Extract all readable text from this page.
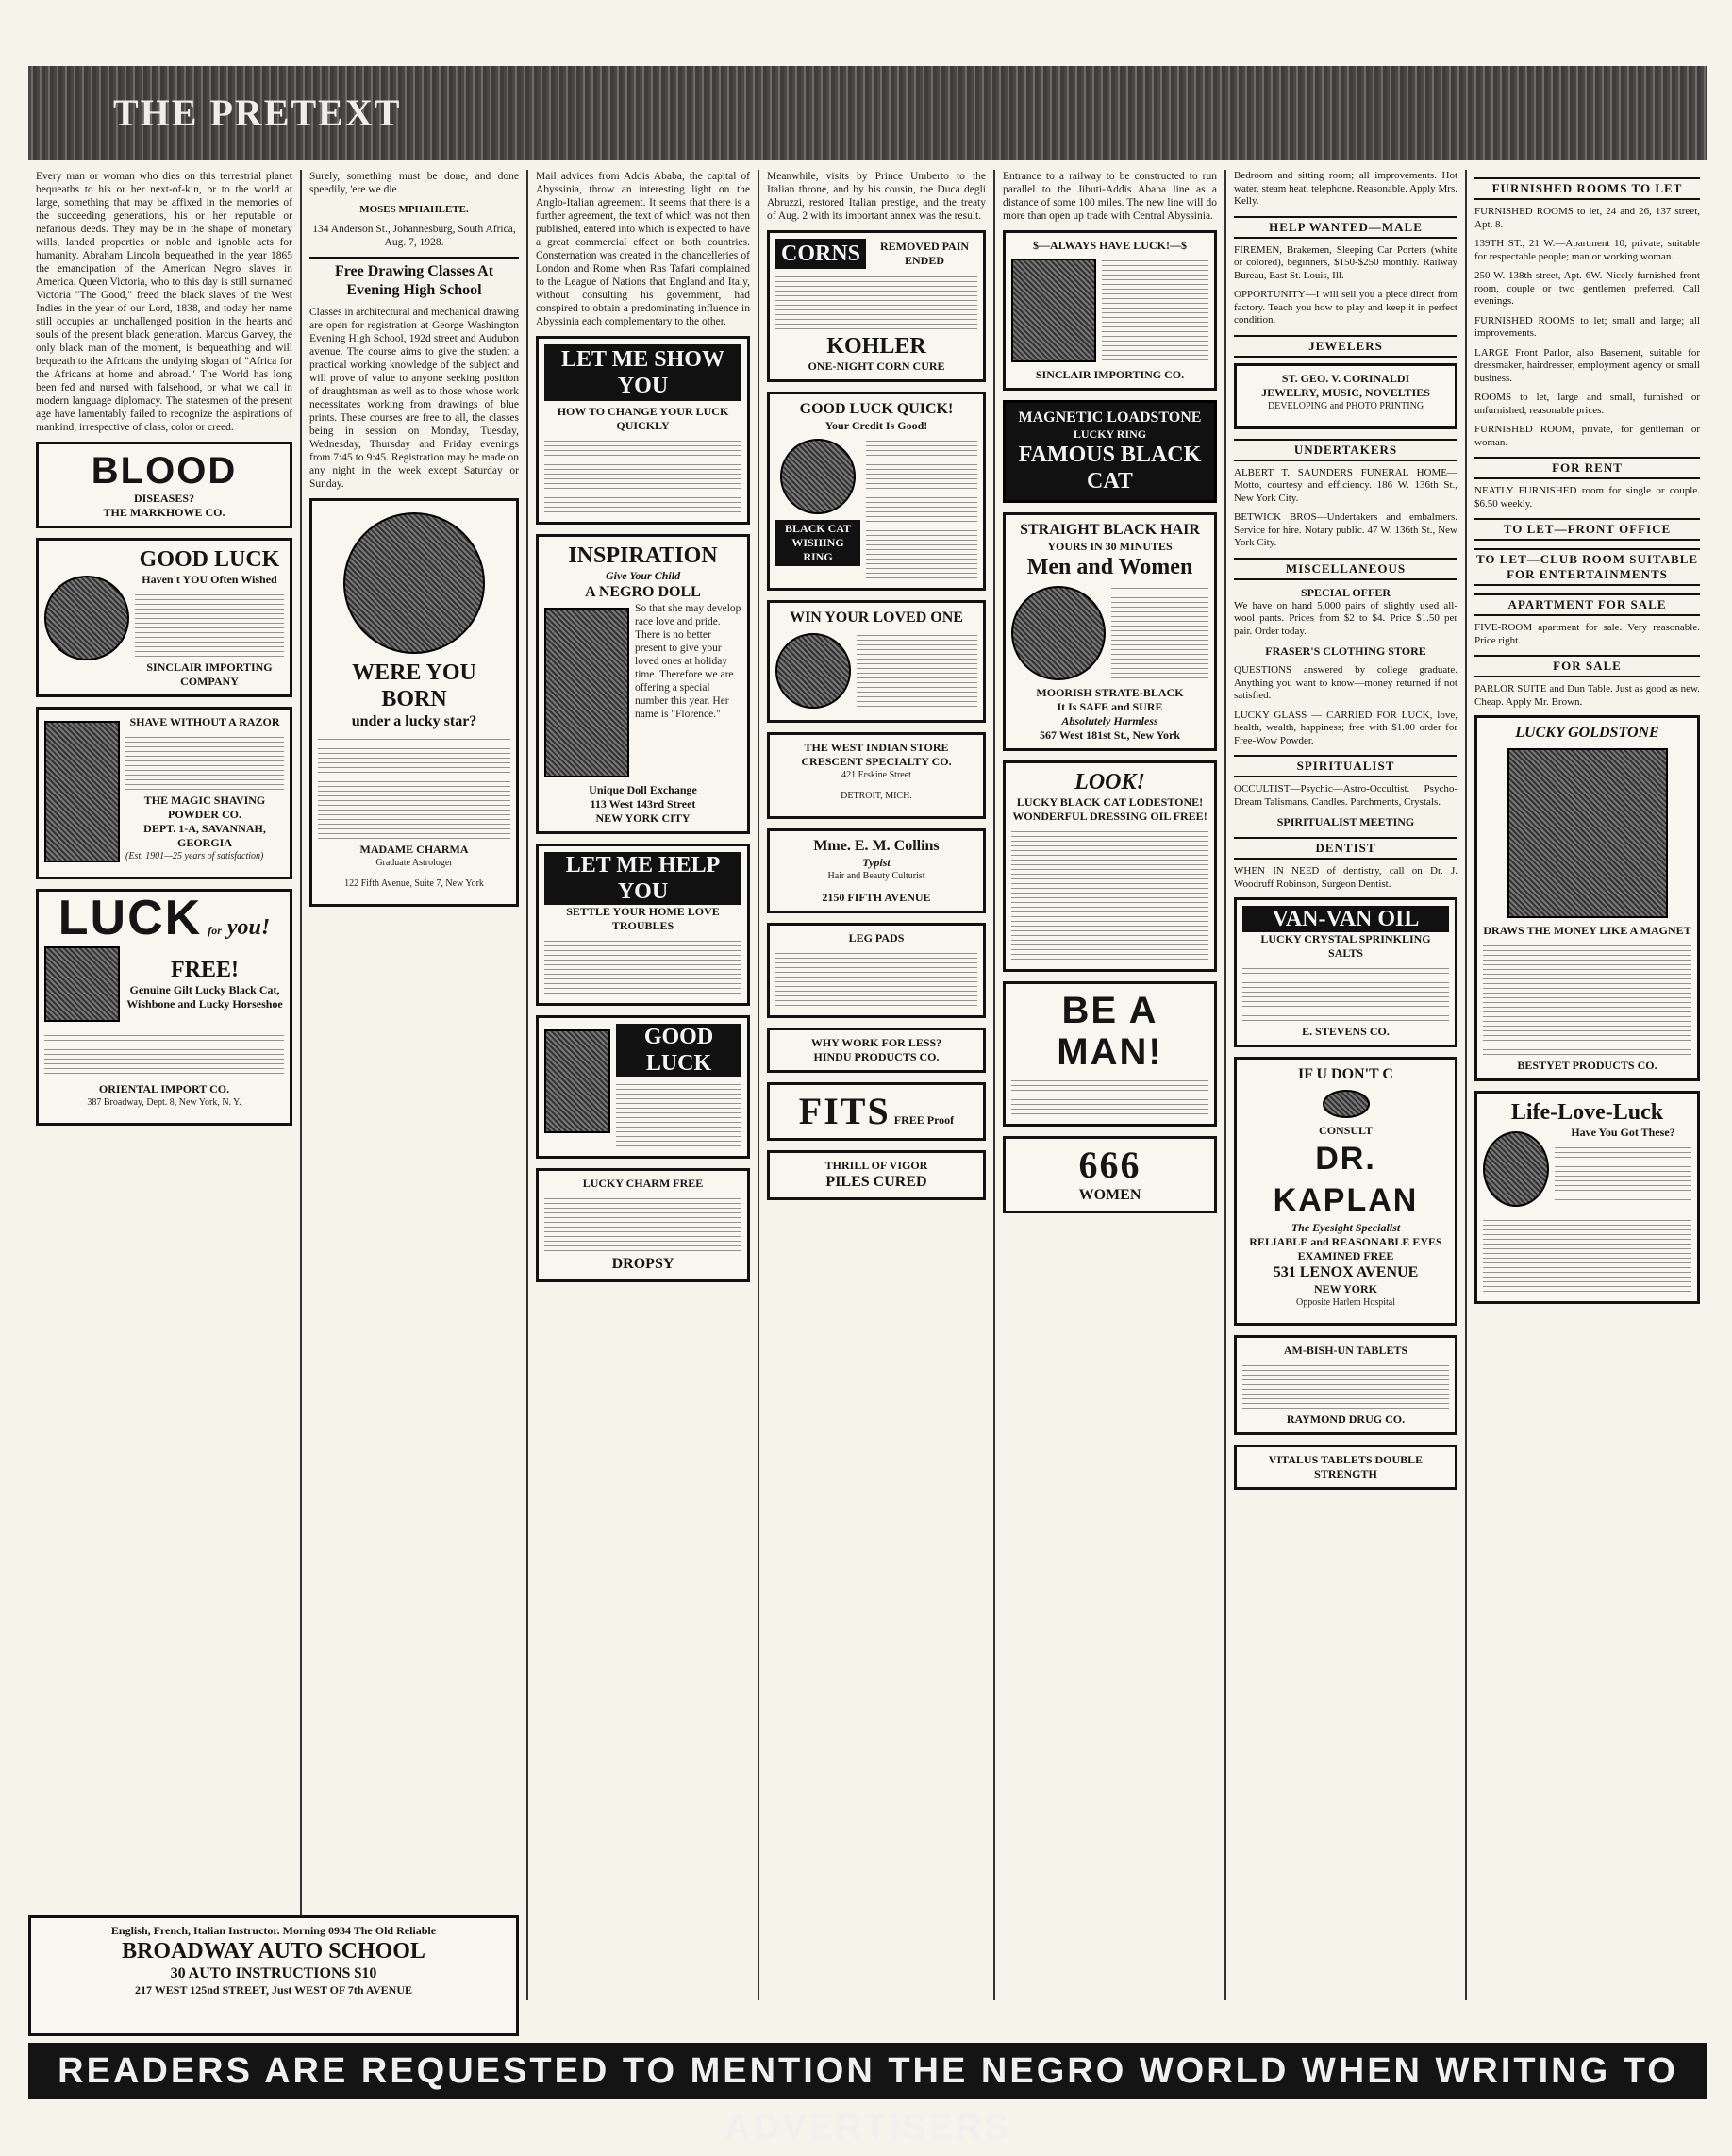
THE PRETEXT

Every man or woman who dies on this terrestrial planet bequeaths to his or her next-of-kin, or to the world at large, something that may be affixed in the memories of the succeeding generations, his or her reputable or nefarious deeds. They may be in the shape of monetary wills, landed properties or noble and ignoble acts for humanity. Abraham Lincoln bequeathed in the year 1865 the emancipation of the American Negro slaves in America. Queen Victoria, who to this day is still surnamed Victoria "The Good," freed the black slaves of the West Indies in the year of our Lord, 1838, and today her name still occupies an unchallenged position in the hearts and souls of the present black generation. Marcus Garvey, the only black man of the moment, is bequeathing and will bequeath to the Africans the undying slogan of "Africa for the Africans at home and abroad." The World has long been fed and nursed with falsehood, or what we call in modern language diplomacy. The statesmen of the present age have lamentably failed to recognize the aspirations of mankind, irrespective of class, color or creed.

BLOOD
DISEASES?
THE MARKHOWE CO.
GOOD LUCK
Haven't YOU Often Wished
SINCLAIR IMPORTING COMPANY
SHAVE WITHOUT A RAZOR
THE MAGIC SHAVING POWDER CO.
DEPT. 1-A, SAVANNAH, GEORGIA
(Est. 1901—25 years of satisfaction)
LUCK for you!
FREE!
Genuine Gilt Lucky Black Cat, Wishbone and Lucky Horseshoe
ORIENTAL IMPORT CO.
387 Broadway, Dept. 8, New York, N. Y.

Surely, something must be done, and done speedily, 'ere we die.

MOSES MPHAHLETE.

134 Anderson St., Johannesburg, South Africa, Aug. 7, 1928.

Free Drawing Classes At Evening High School

Classes in architectural and mechanical drawing are open for registration at George Washington Evening High School, 192d street and Audubon avenue. The course aims to give the student a practical working knowledge of the subject and will prove of value to anyone seeking position of draughtsman as well as to those whose work necessitates working from drawings of blue prints. These courses are free to all, the classes being in session on Monday, Tuesday, Wednesday, Thursday and Friday evenings from 7:45 to 9:45. Registration may be made on any night in the week except Saturday or Sunday.

WERE YOU BORN
under a lucky star?
MADAME CHARMA
Graduate Astrologer
122 Fifth Avenue, Suite 7, New York

Mail advices from Addis Ababa, the capital of Abyssinia, throw an interesting light on the Anglo-Italian agreement. It seems that there is a further agreement, the text of which was not then published, entered into which is expected to have a great commercial effect on both countries. Consternation was created in the chancelleries of London and Rome when Ras Tafari complained to the League of Nations that England and Italy, without consulting his government, had conspired to obtain a predominating influence in Abyssinia each complementary to the other.

LET ME SHOW YOU
HOW TO CHANGE YOUR LUCK QUICKLY
INSPIRATION
Give Your Child
A NEGRO DOLL

So that she may develop race love and pride. There is no better present to give your loved ones at holiday time. Therefore we are offering a special number this year. Her name is "Florence."

Unique Doll Exchange
113 West 143rd Street
NEW YORK CITY
LET ME HELP YOU
SETTLE YOUR HOME LOVE TROUBLES
GOOD LUCK
LUCKY CHARM FREE
DROPSY

Meanwhile, visits by Prince Umberto to the Italian throne, and by his cousin, the Duca degli Abruzzi, restored Italian prestige, and the treaty of Aug. 2 with its important annex was the result.

CORNS	REMOVED PAIN ENDED
KOHLER
ONE-NIGHT CORN CURE
GOOD LUCK QUICK!
Your Credit Is Good!
BLACK CAT WISHING RING
WIN YOUR LOVED ONE
THE WEST INDIAN STORE
CRESCENT SPECIALTY CO.
421 Erskine Street
DETROIT, MICH.
Mme. E. M. Collins
Typist
Hair and Beauty Culturist
2150 FIFTH AVENUE
LEG PADS
WHY WORK FOR LESS?
HINDU PRODUCTS CO.
FITS FREE Proof
THRILL OF VIGOR
PILES CURED

Entrance to a railway to be constructed to run parallel to the Jibuti-Addis Ababa line as a distance of some 100 miles. The new line will do more than open up trade with Central Abyssinia.

$—ALWAYS HAVE LUCK!—$
SINCLAIR IMPORTING CO.
MAGNETIC LOADSTONE
LUCKY RING
FAMOUS BLACK CAT
STRAIGHT BLACK HAIR
YOURS IN 30 MINUTES
Men and Women
MOORISH STRATE-BLACK
It Is SAFE and SURE
Absolutely Harmless
567 West 181st St., New York
LOOK!
LUCKY BLACK CAT LODESTONE! WONDERFUL DRESSING OIL FREE!
BE A MAN!
666
WOMEN

Bedroom and sitting room; all improvements. Hot water, steam heat, telephone. Reasonable. Apply Mrs. Kelly.

HELP WANTED—MALE

FIREMEN, Brakemen, Sleeping Car Porters (white or colored), beginners, $150-$250 monthly. Railway Bureau, East St. Louis, Ill.

OPPORTUNITY—I will sell you a piece direct from factory. Teach you how to play and keep it in perfect condition.

JEWELERS
ST. GEO. V. CORINALDI
JEWELRY, MUSIC, NOVELTIES
DEVELOPING and PHOTO PRINTING
UNDERTAKERS

ALBERT T. SAUNDERS FUNERAL HOME—Motto, courtesy and efficiency. 186 W. 136th St., New York City.

BETWICK BROS—Undertakers and embalmers. Service for hire. Notary public. 47 W. 136th St., New York City.

MISCELLANEOUS
SPECIAL OFFER

We have on hand 5,000 pairs of slightly used all-wool pants. Prices from $2 to $4. Price $1.50 per pair. Order today.

FRASER'S CLOTHING STORE

QUESTIONS answered by college graduate. Anything you want to know—money returned if not satisfied.

LUCKY GLASS — CARRIED FOR LUCK, love, health, wealth, happiness; free with $1.00 order for Free-Wow Powder.

SPIRITUALIST

OCCULTIST—Psychic—Astro-Occultist. Psycho-Dream Talismans. Candles. Parchments, Crystals.

SPIRITUALIST MEETING
DENTIST

WHEN IN NEED of dentistry, call on Dr. J. Woodruff Robinson, Surgeon Dentist.

VAN-VAN OIL
LUCKY CRYSTAL SPRINKLING SALTS
E. STEVENS CO.
IF U DON'T C
CONSULT
DR. KAPLAN
The Eyesight Specialist
RELIABLE and REASONABLE EYES EXAMINED FREE
531 LENOX AVENUE
NEW YORK
Opposite Harlem Hospital
AM-BISH-UN TABLETS
RAYMOND DRUG CO.
VITALUS TABLETS DOUBLE STRENGTH
FURNISHED ROOMS TO LET

FURNISHED ROOMS to let, 24 and 26, 137 street, Apt. 8.

139TH ST., 21 W.—Apartment 10; private; suitable for respectable people; man or working woman.

250 W. 138th street, Apt. 6W. Nicely furnished front room, couple or two gentlemen preferred. Call evenings.

FURNISHED ROOMS to let; small and large; all improvements.

LARGE Front Parlor, also Basement, suitable for dressmaker, hairdresser, employment agency or small business.

ROOMS to let, large and small, furnished or unfurnished; reasonable prices.

FURNISHED ROOM, private, for gentleman or woman.

FOR RENT

NEATLY FURNISHED room for single or couple. $6.50 weekly.

TO LET—FRONT OFFICE
TO LET—CLUB ROOM SUITABLE FOR ENTERTAINMENTS
APARTMENT FOR SALE

FIVE-ROOM apartment for sale. Very reasonable. Price right.

FOR SALE

PARLOR SUITE and Dun Table. Just as good as new. Cheap. Apply Mr. Brown.

LUCKY GOLDSTONE
DRAWS THE MONEY LIKE A MAGNET
BESTYET PRODUCTS CO.
Life-Love-Luck
Have You Got These?
English, French, Italian Instructor. Morning 0934 The Old Reliable
BROADWAY AUTO SCHOOL
30 AUTO INSTRUCTIONS $10
217 WEST 125nd STREET, Just WEST OF 7th AVENUE
READERS ARE REQUESTED TO MENTION THE NEGRO WORLD WHEN WRITING TO ADVERTISERS
